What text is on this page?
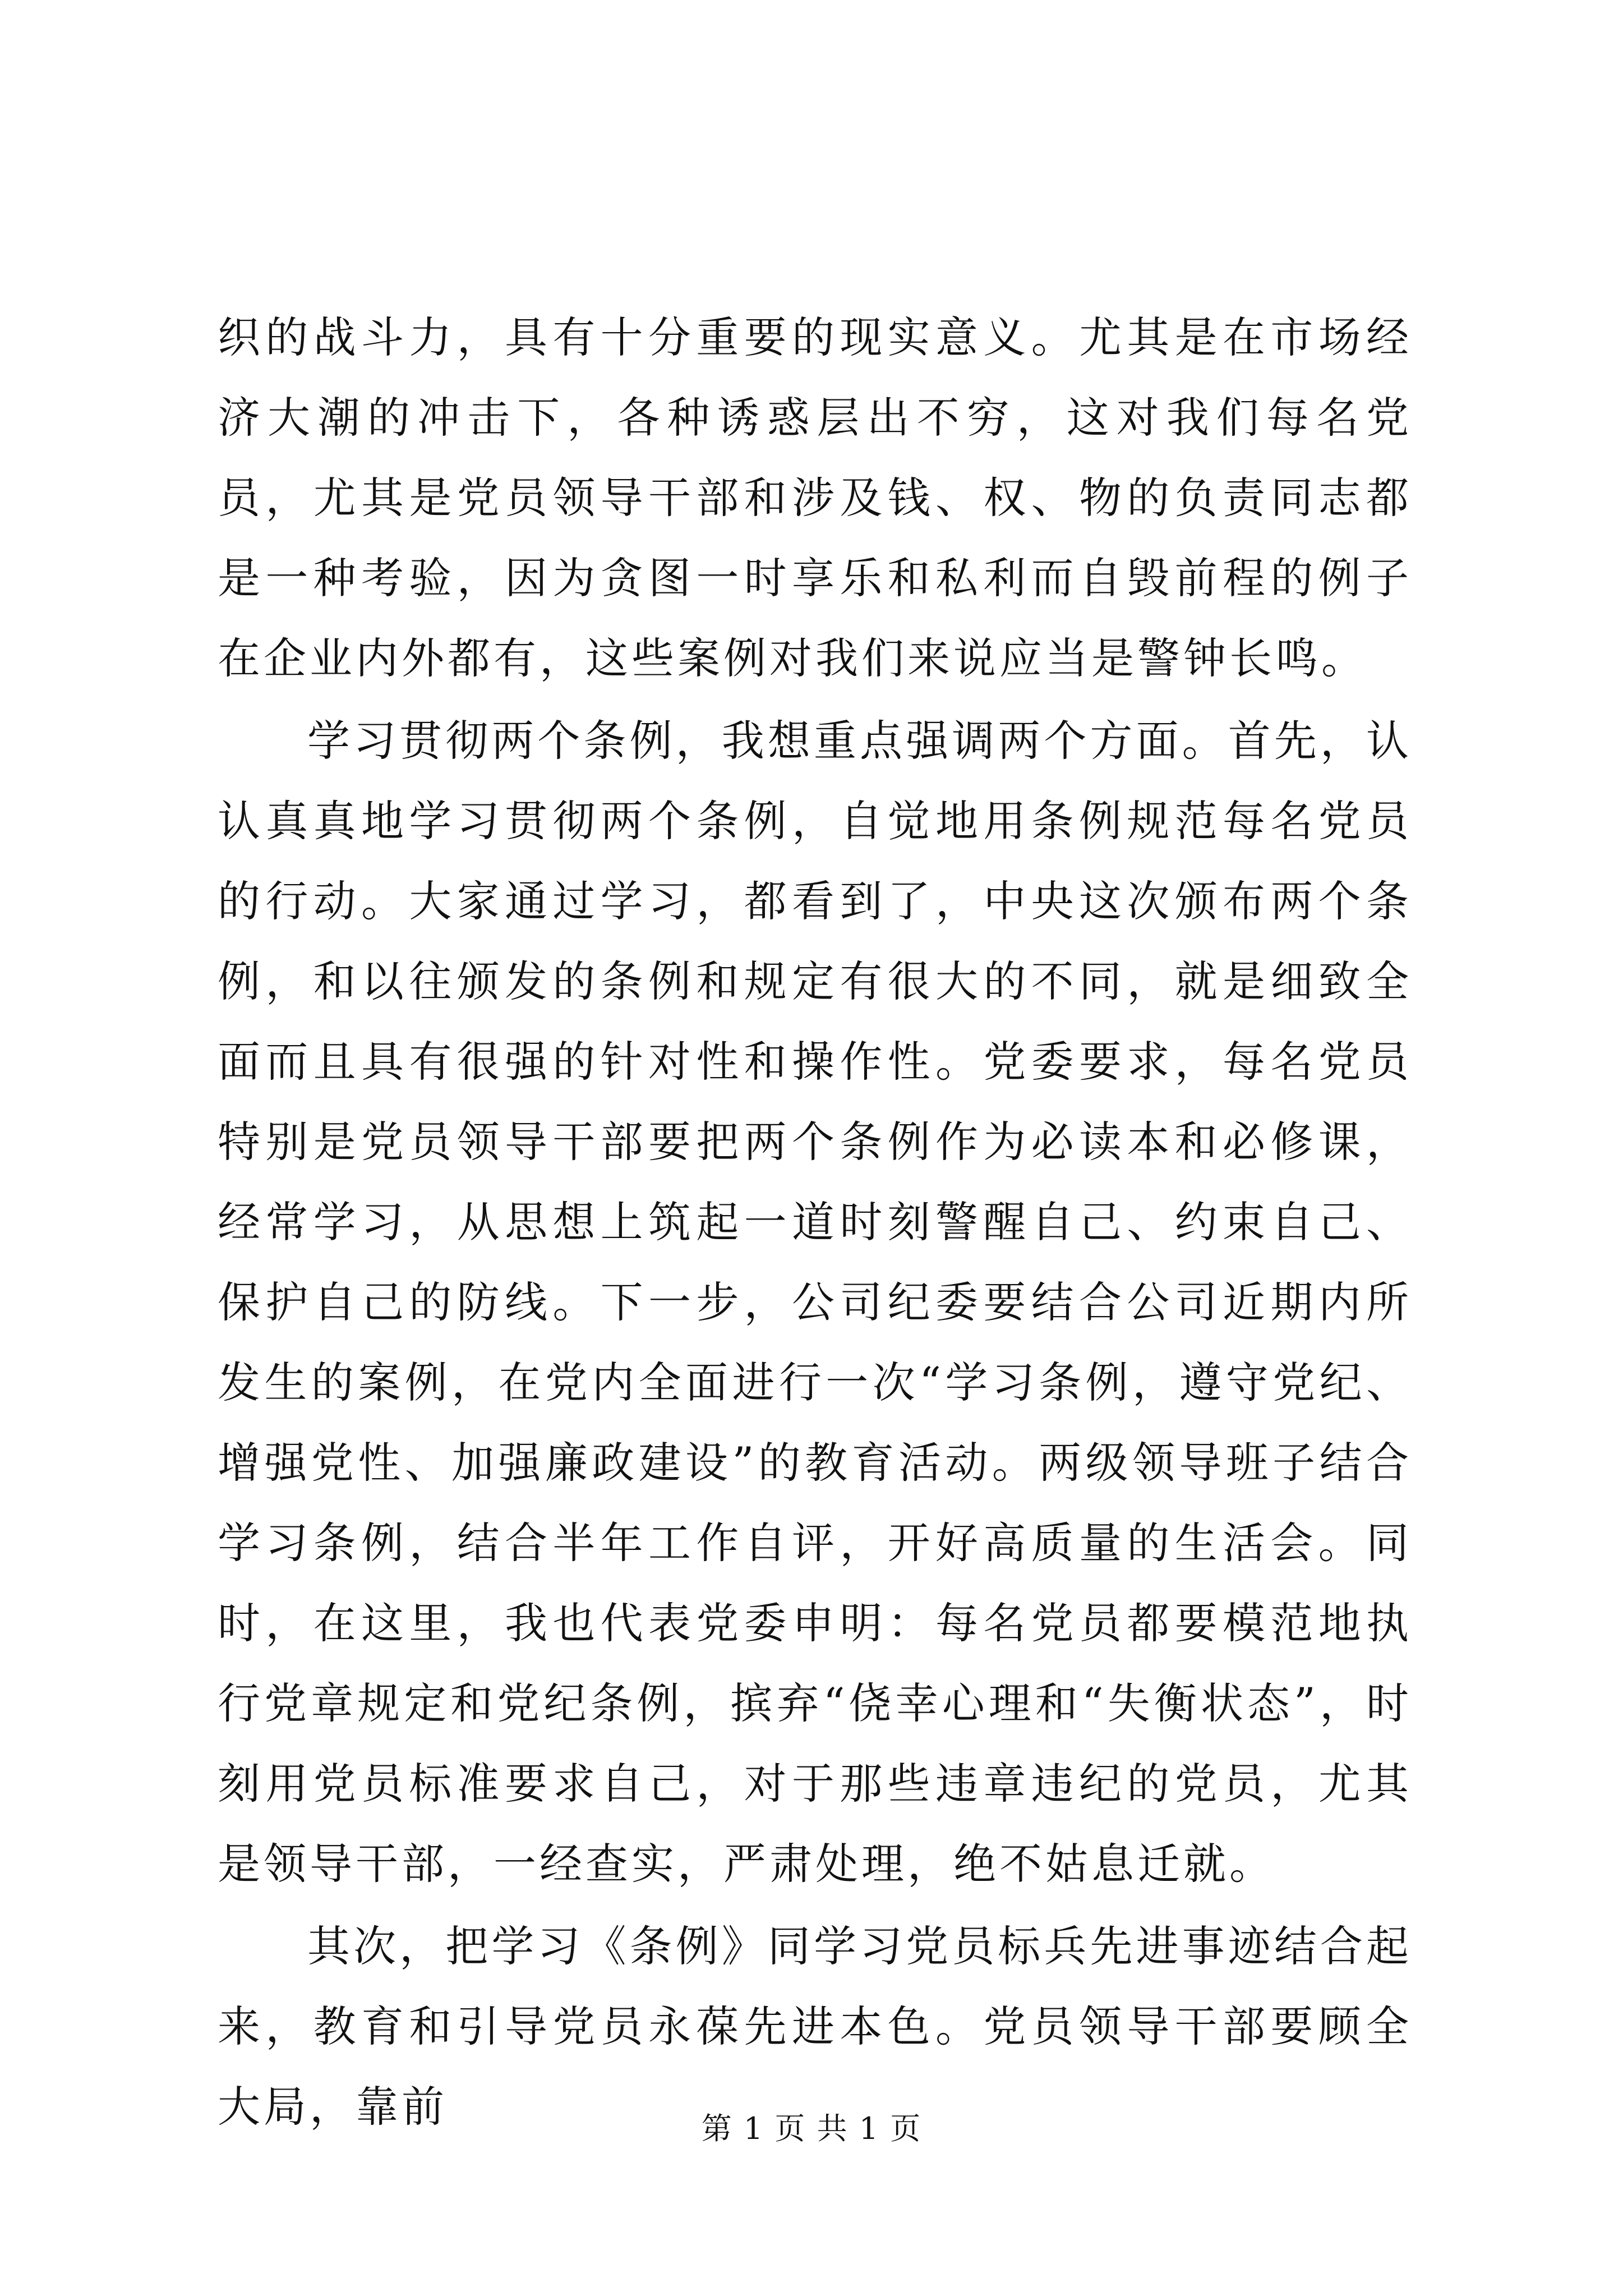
织的战斗力，具有十分重要的现实意义。尤其是在市场经济大潮的冲击下，各种诱惑层出不穷，这对我们每名党员，尤其是党员领导干部和涉及钱、权、物的负责同志都是一种考验，因为贪图一时享乐和私利而自毁前程的例子在企业内外都有，这些案例对我们来说应当是警钟长鸣。

学习贯彻两个条例，我想重点强调两个方面。首先，认认真真地学习贯彻两个条例，自觉地用条例规范每名党员的行动。大家通过学习，都看到了，中央这次颁布两个条例，和以往颁发的条例和规定有很大的不同，就是细致全面而且具有很强的针对性和操作性。党委要求，每名党员特别是党员领导干部要把两个条例作为必读本和必修课，经常学习，从思想上筑起一道时刻警醒自己、约束自己、保护自己的防线。下一步，公司纪委要结合公司近期内所发生的案例，在党内全面进行一次“学习条例，遵守党纪、增强党性、加强廉政建设”的教育活动。两级领导班子结合学习条例，结合半年工作自评，开好高质量的生活会。同时，在这里，我也代表党委申明：每名党员都要模范地执行党章规定和党纪条例，摈弃“侥幸心理和“失衡状态”，时刻用党员标准要求自己，对于那些违章违纪的党员，尤其是领导干部，一经查实，严肃处理，绝不姑息迁就。

其次，把学习《条例》同学习党员标兵先进事迹结合起来，教育和引导党员永葆先进本色。党员领导干部要顾全大局，靠前	第 1 页 共 1 页
